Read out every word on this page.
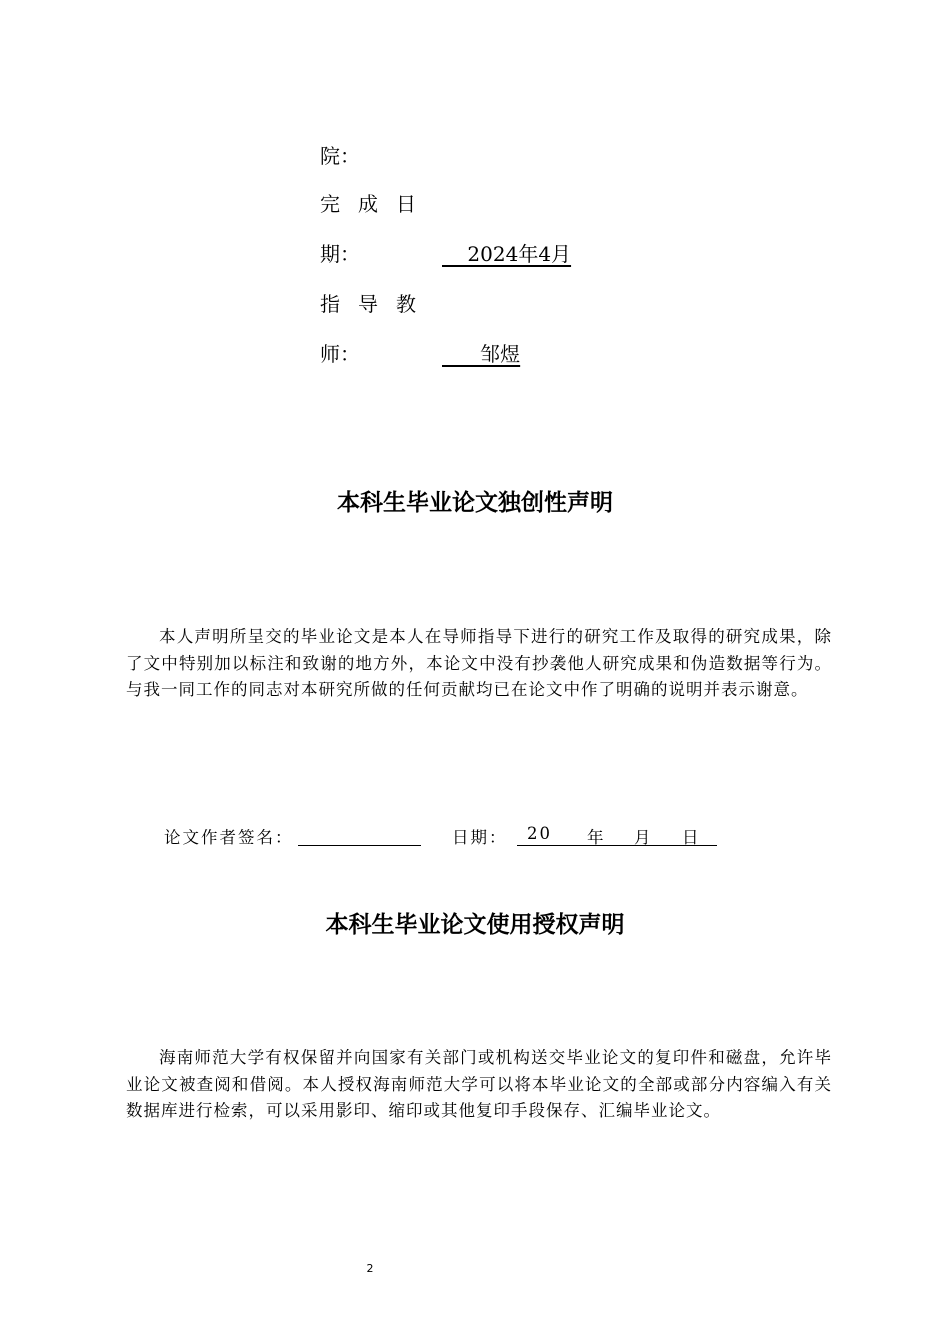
院：
完成日
期：	2024年4月
指导教
师：	邹煜
本科生毕业论文独创性声明
本人声明所呈交的毕业论文是本人在导师指导下进行的研究工作及取得的研究成果，除了文中特别加以标注和致谢的地方外，本论文中没有抄袭他人研究成果和伪造数据等行为。与我一同工作的同志对本研究所做的任何贡献均已在论文中作了明确的说明并表示谢意。
论文作者签名：	日期： 20 年 月 日
本科生毕业论文使用授权声明
海南师范大学有权保留并向国家有关部门或机构送交毕业论文的复印件和磁盘，允许毕业论文被查阅和借阅。本人授权海南师范大学可以将本毕业论文的全部或部分内容编入有关数据库进行检索，可以采用影印、缩印或其他复印手段保存、汇编毕业论文。
2
